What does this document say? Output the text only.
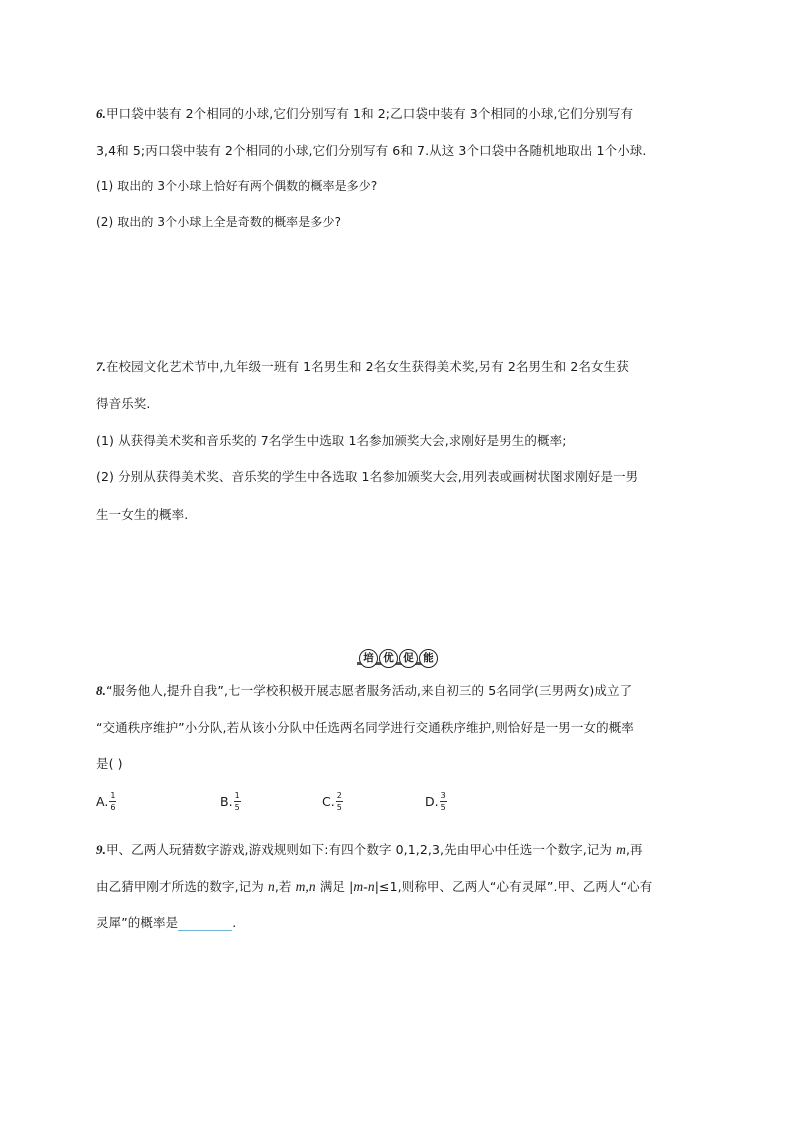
6.甲口袋中装有 2个相同的小球,它们分别写有 1和 2;乙口袋中装有 3个相同的小球,它们分别写有
3,4和 5;丙口袋中装有 2个相同的小球,它们分别写有 6和 7.从这 3个口袋中各随机地取出 1个小球.
(1) 取出的 3个小球上恰好有两个偶数的概率是多少?
(2) 取出的 3个小球上全是奇数的概率是多少?
7.在校园文化艺术节中,九年级一班有 1名男生和 2名女生获得美术奖,另有 2名男生和 2名女生获
得音乐奖.
(1) 从获得美术奖和音乐奖的 7名学生中选取 1名参加颁奖大会,求刚好是男生的概率;
(2) 分别从获得美术奖、音乐奖的学生中各选取 1名参加颁奖大会,用列表或画树状图求刚好是一男
生一女生的概率.
培 优 促 能
8.“服务他人,提升自我”,七一学校积极开展志愿者服务活动,来自初三的 5名同学(三男两女)成立了
“交通秩序维护”小分队,若从该小分队中任选两名同学进行交通秩序维护,则恰好是一男一女的概率
是( )
A. $\frac{1}{6}$	B. $\frac{1}{5}$	C. $\frac{2}{5}$	D. $\frac{3}{5}$
9.甲、乙两人玩猜数字游戏,游戏规则如下:有四个数字 0,1,2,3,先由甲心中任选一个数字,记为 m,再
由乙猜甲刚才所选的数字,记为 n,若 m,n 满足 |m-n|≤1,则称甲、乙两人“心有灵犀”.甲、乙两人“心有
灵犀”的概率是	.
